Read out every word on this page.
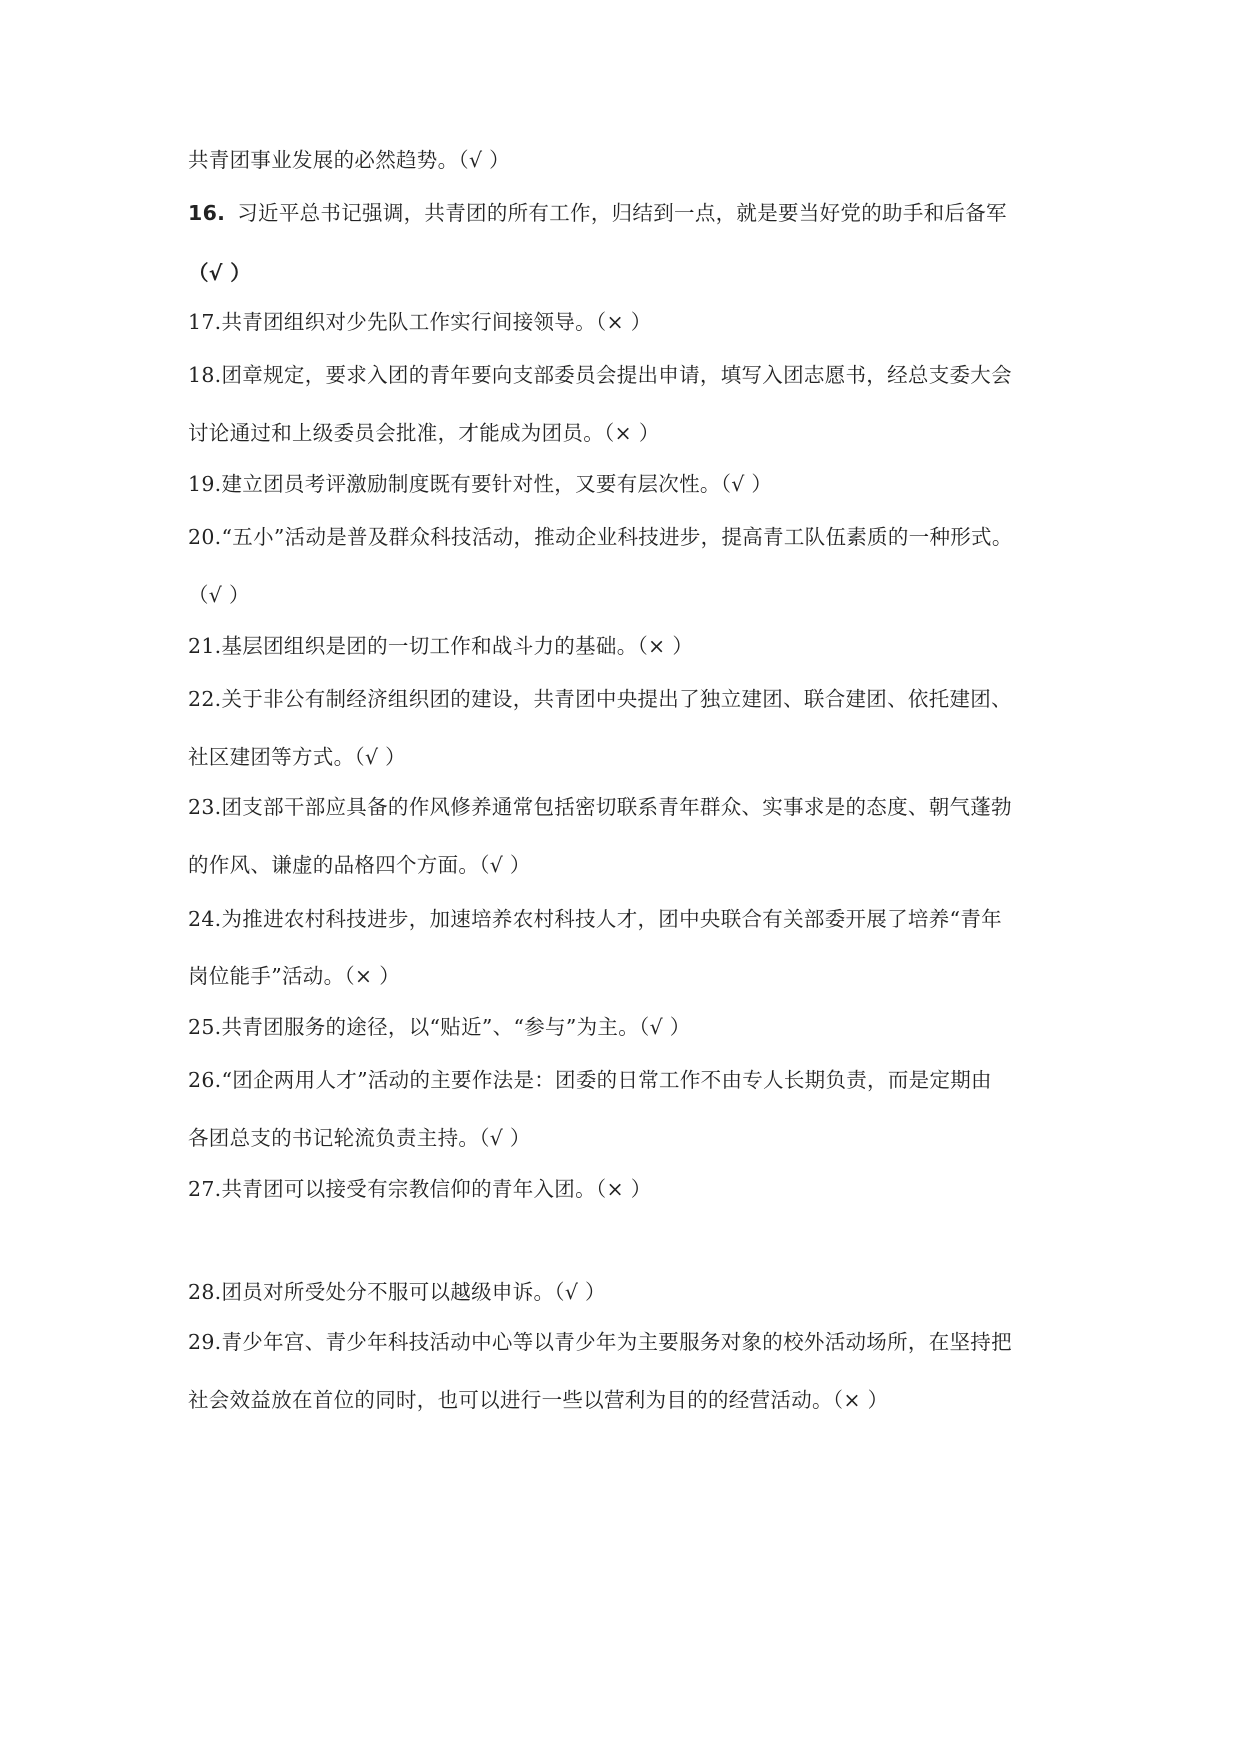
共青团事业发展的必然趋势。（√ ）
16. 习近平总书记强调，共青团的所有工作，归结到一点，就是要当好党的助手和后备军
（√ ）
17.共青团组织对少先队工作实行间接领导。（× ）
18.团章规定，要求入团的青年要向支部委员会提出申请，填写入团志愿书，经总支委大会
讨论通过和上级委员会批准，才能成为团员。（× ）
19.建立团员考评激励制度既有要针对性，又要有层次性。（√ ）
20.“五小”活动是普及群众科技活动，推动企业科技进步，提高青工队伍素质的一种形式。
（√ ）
21.基层团组织是团的一切工作和战斗力的基础。（× ）
22.关于非公有制经济组织团的建设，共青团中央提出了独立建团、联合建团、依托建团、
社区建团等方式。（√ ）
23.团支部干部应具备的作风修养通常包括密切联系青年群众、实事求是的态度、朝气蓬勃
的作风、谦虚的品格四个方面。（√ ）
24.为推进农村科技进步，加速培养农村科技人才，团中央联合有关部委开展了培养“青年
岗位能手”活动。（× ）
25.共青团服务的途径，以“贴近”、“参与”为主。（√ ）
26.“团企两用人才”活动的主要作法是：团委的日常工作不由专人长期负责，而是定期由
各团总支的书记轮流负责主持。（√ ）
27.共青团可以接受有宗教信仰的青年入团。（× ）
28.团员对所受处分不服可以越级申诉。（√ ）
29.青少年宫、青少年科技活动中心等以青少年为主要服务对象的校外活动场所，在坚持把
社会效益放在首位的同时，也可以进行一些以营利为目的的经营活动。（× ）
